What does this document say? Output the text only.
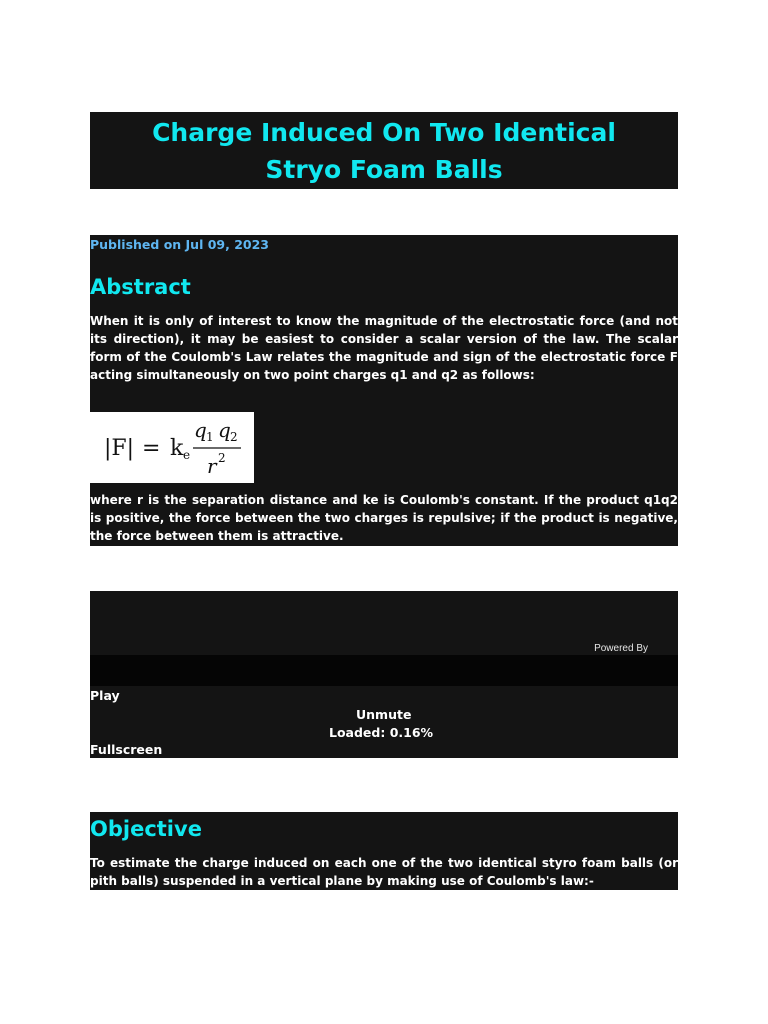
Charge Induced On Two Identical Stryo Foam Balls
Published on Jul 09, 2023
Abstract

When it is only of interest to know the magnitude of the electrostatic force (and not its direction), it may be easiest to consider a scalar version of the law. The scalar form of the Coulomb's Law relates the magnitude and sign of the electrostatic force F acting simultaneously on two point charges q1 and q2 as follows:

|F| = k e
q 1 q 2
r 2

where r is the separation distance and ke is Coulomb's constant. If the product q1q2 is positive, the force between the two charges is repulsive; if the product is negative, the force between them is attractive.

Powered By
Play
Unmute
Loaded: 0.16%
Fullscreen
Objective

To estimate the charge induced on each one of the two identical styro foam balls (or pith balls) suspended in a vertical plane by making use of Coulomb's law:-
